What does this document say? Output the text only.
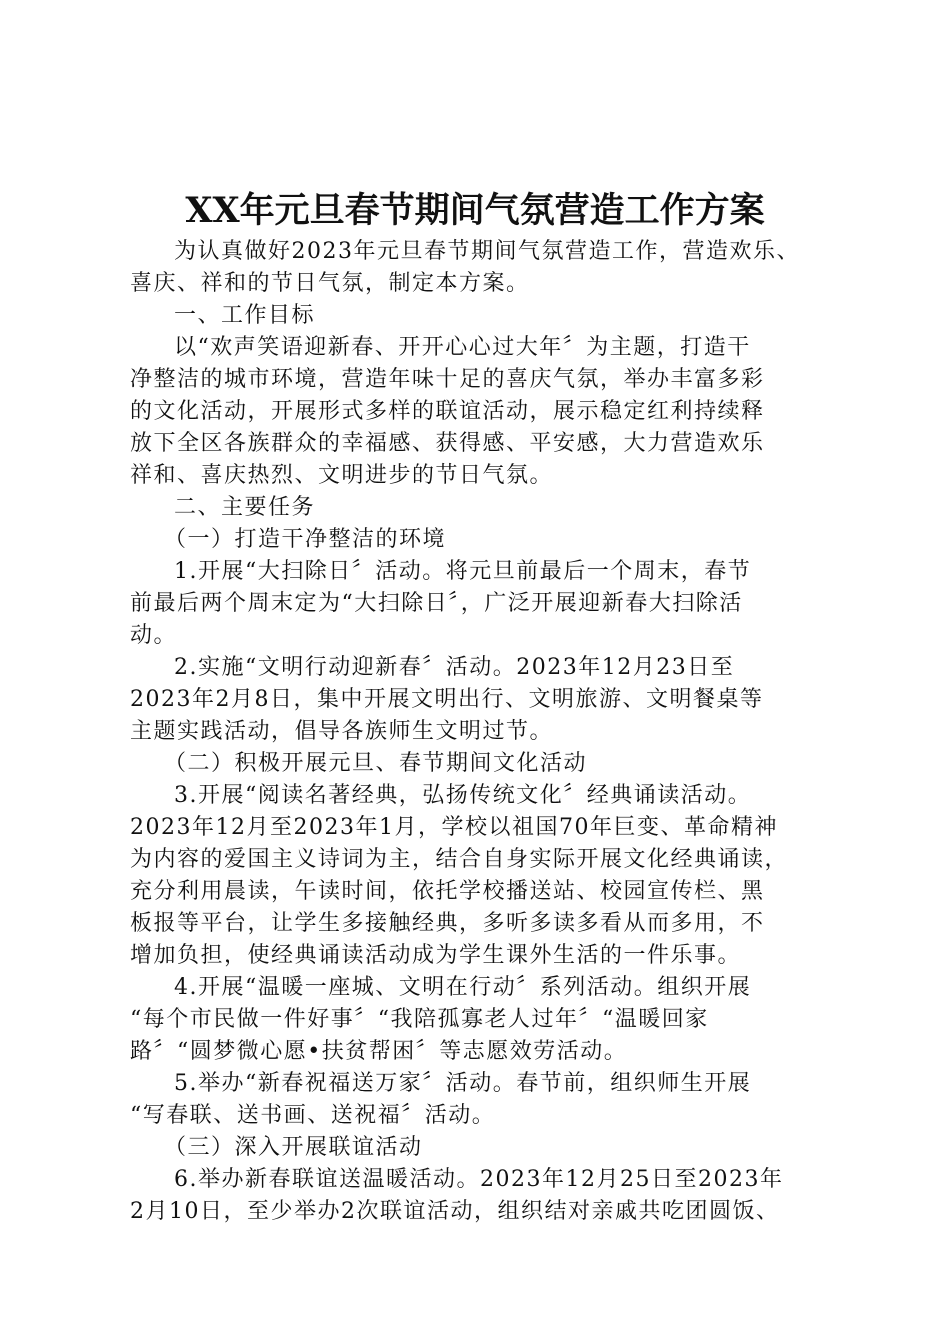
XX年元旦春节期间气氛营造工作方案
为认真做好2023年元旦春节期间气氛营造工作，营造欢乐、
喜庆、祥和的节日气氛，制定本方案。
一、工作目标
以“欢声笑语迎新春、开开心心过大年〞为主题，打造干
净整洁的城市环境，营造年味十足的喜庆气氛，举办丰富多彩
的文化活动，开展形式多样的联谊活动，展示稳定红利持续释
放下全区各族群众的幸福感、获得感、平安感，大力营造欢乐
祥和、喜庆热烈、文明进步的节日气氛。
二、主要任务
（一）打造干净整洁的环境
1.开展“大扫除日〞活动。将元旦前最后一个周末，春节
前最后两个周末定为“大扫除日〞，广泛开展迎新春大扫除活
动。
2.实施“文明行动迎新春〞活动。2023年12月23日至
2023年2月8日，集中开展文明出行、文明旅游、文明餐桌等
主题实践活动，倡导各族师生文明过节。
（二）积极开展元旦、春节期间文化活动
3.开展“阅读名著经典，弘扬传统文化〞经典诵读活动。
2023年12月至2023年1月，学校以祖国70年巨变、革命精神
为内容的爱国主义诗词为主，结合自身实际开展文化经典诵读，
充分利用晨读，午读时间，依托学校播送站、校园宣传栏、黑
板报等平台，让学生多接触经典，多听多读多看从而多用，不
增加负担，使经典诵读活动成为学生课外生活的一件乐事。
4.开展“温暖一座城、文明在行动〞系列活动。组织开展
“每个市民做一件好事〞“我陪孤寡老人过年〞“温暖回家
路〞“圆梦微心愿•扶贫帮困〞等志愿效劳活动。
5.举办“新春祝福送万家〞活动。春节前，组织师生开展
“写春联、送书画、送祝福〞活动。
（三）深入开展联谊活动
6.举办新春联谊送温暖活动。2023年12月25日至2023年
2月10日，至少举办2次联谊活动，组织结对亲戚共吃团圆饭、
